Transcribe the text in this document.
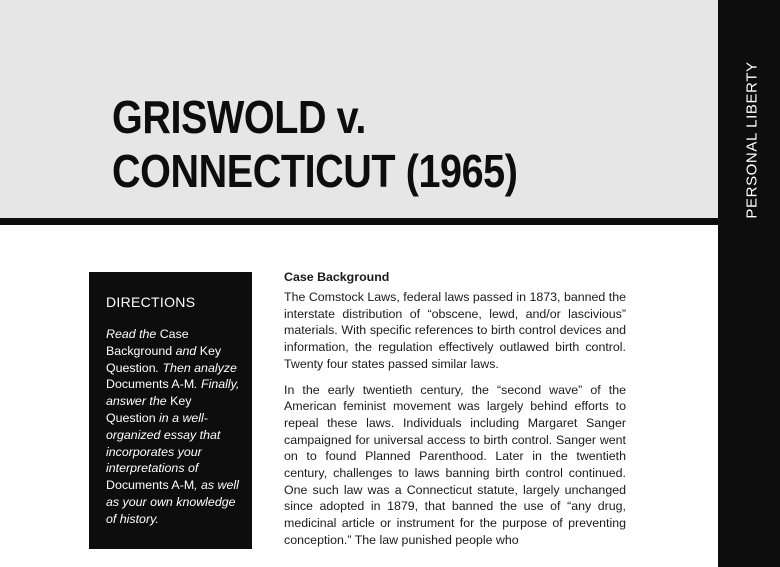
GRISWOLD v.
CONNECTICUT (1965)	PERSONAL LIBERTY
DIRECTIONS

Read the Case Background and Key Question. Then analyze Documents A-M. Finally, answer the Key Question in a well-organized essay that incorporates your interpretations of Documents A-M, as well as your own knowledge of history.

Case Background

The Comstock Laws, federal laws passed in 1873, banned the interstate distribution of “obscene, lewd, and/or lascivious” materials. With specific references to birth control devices and information, the regulation effectively outlawed birth control. Twenty four states passed similar laws.

In the early twentieth century, the “second wave” of the American feminist movement was largely behind efforts to repeal these laws. Individuals including Margaret Sanger campaigned for universal access to birth control. Sanger went on to found Planned Parenthood. Later in the twentieth century, challenges to laws banning birth control continued. One such law was a Connecticut statute, largely unchanged since adopted in 1879, that banned the use of “any drug, medicinal article or instrument for the purpose of preventing conception.” The law punished people who
